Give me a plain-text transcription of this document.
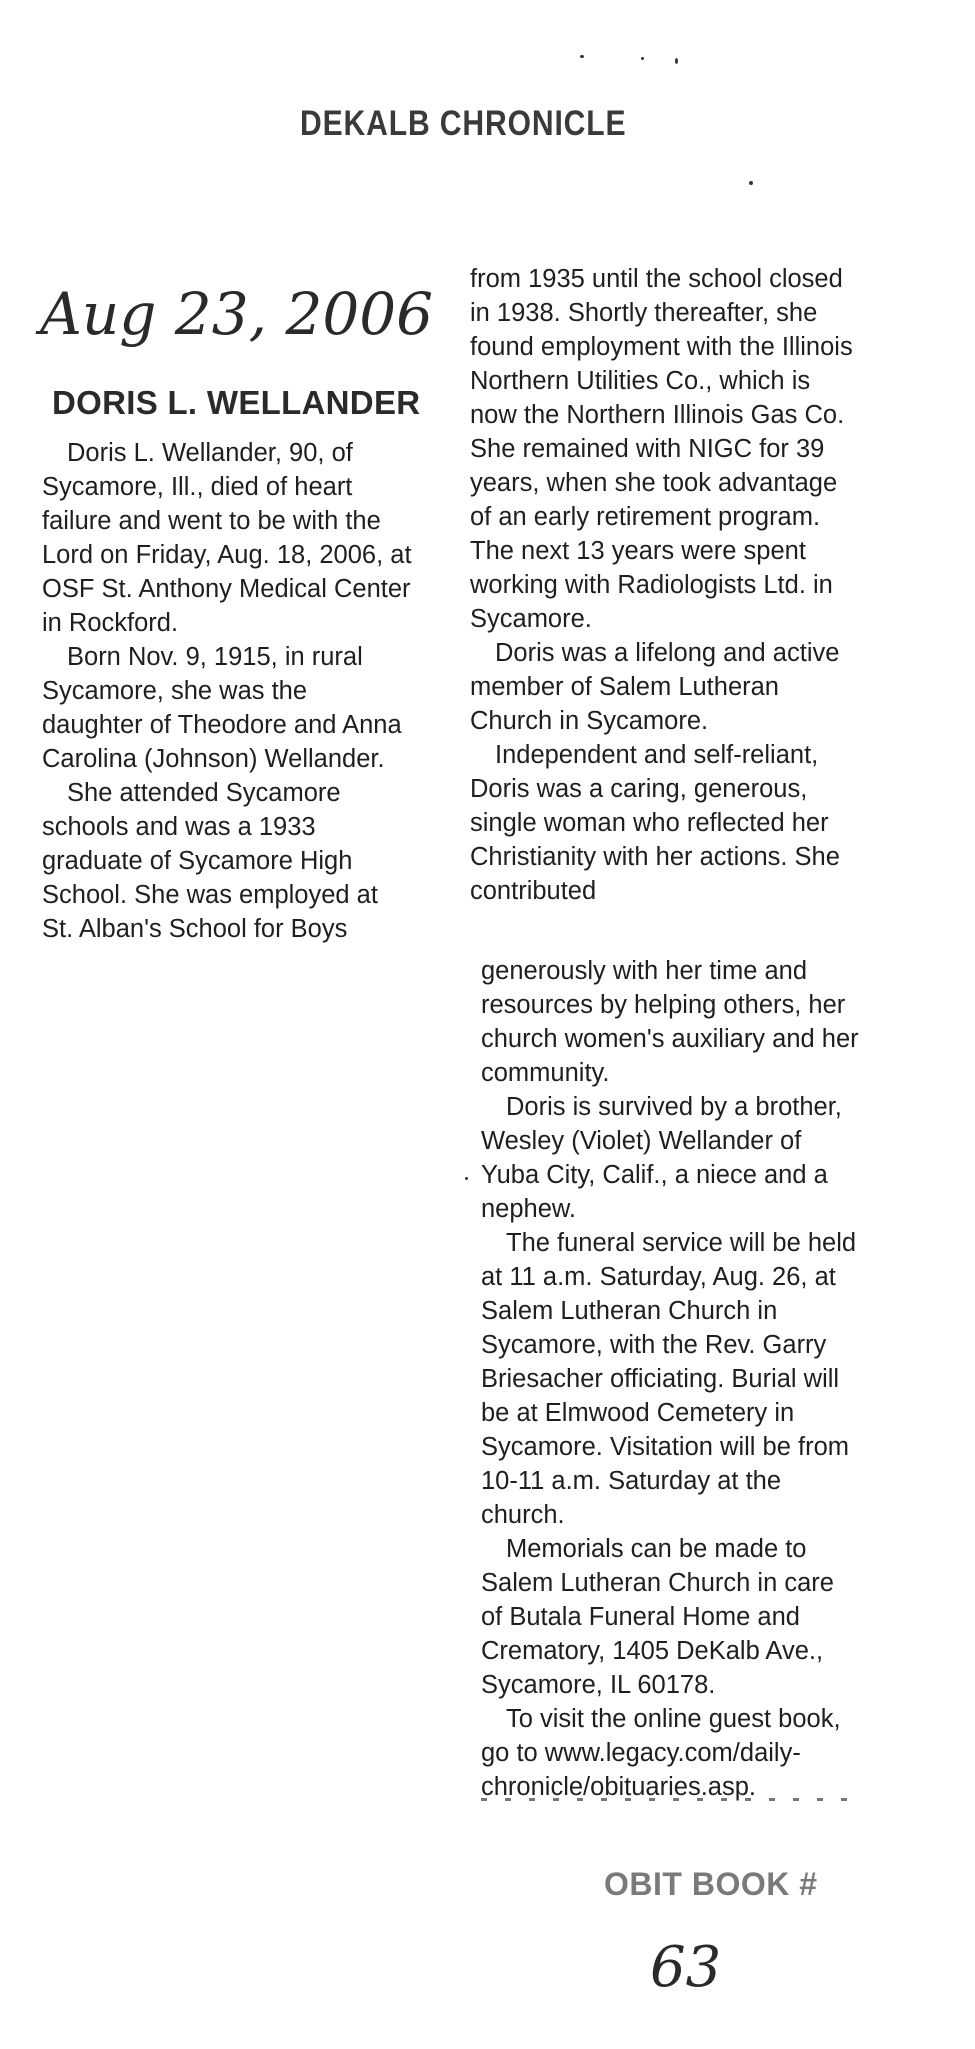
DEKALB CHRONICLE
Aug 23, 2006
DORIS L. WELLANDER

Doris L. Wellander, 90, of Sycamore, Ill., died of heart failure and went to be with the Lord on Friday, Aug. 18, 2006, at OSF St. Anthony Medical Center in Rockford.

Born Nov. 9, 1915, in rural Sycamore, she was the daughter of Theodore and Anna Carolina (Johnson) Wellander.

She attended Sycamore schools and was a 1933 graduate of Sycamore High School. She was employed at St. Alban's School for Boys

from 1935 until the school closed in 1938. Shortly thereafter, she found employment with the Illinois Northern Utilities Co., which is now the Northern Illinois Gas Co. She remained with NIGC for 39 years, when she took advantage of an early retirement program. The next 13 years were spent working with Radiologists Ltd. in Sycamore.

Doris was a lifelong and active member of Salem Lutheran Church in Sycamore.

Independent and self-reliant, Doris was a caring, generous, single woman who reflected her Christianity with her actions. She contributed

generously with her time and resources by helping others, her church women's auxiliary and her community.

Doris is survived by a brother, Wesley (Violet) Wellander of Yuba City, Calif., a niece and a nephew.

The funeral service will be held at 11 a.m. Saturday, Aug. 26, at Salem Lutheran Church in Sycamore, with the Rev. Garry Briesacher officiating. Burial will be at Elmwood Cemetery in Sycamore. Visitation will be from 10-11 a.m. Saturday at the church.

Memorials can be made to Salem Lutheran Church in care of Butala Funeral Home and Crematory, 1405 DeKalb Ave., Sycamore, IL 60178.

To visit the online guest book, go to www.legacy.com/daily-chronicle/obituaries.asp.

OBIT BOOK #
63
